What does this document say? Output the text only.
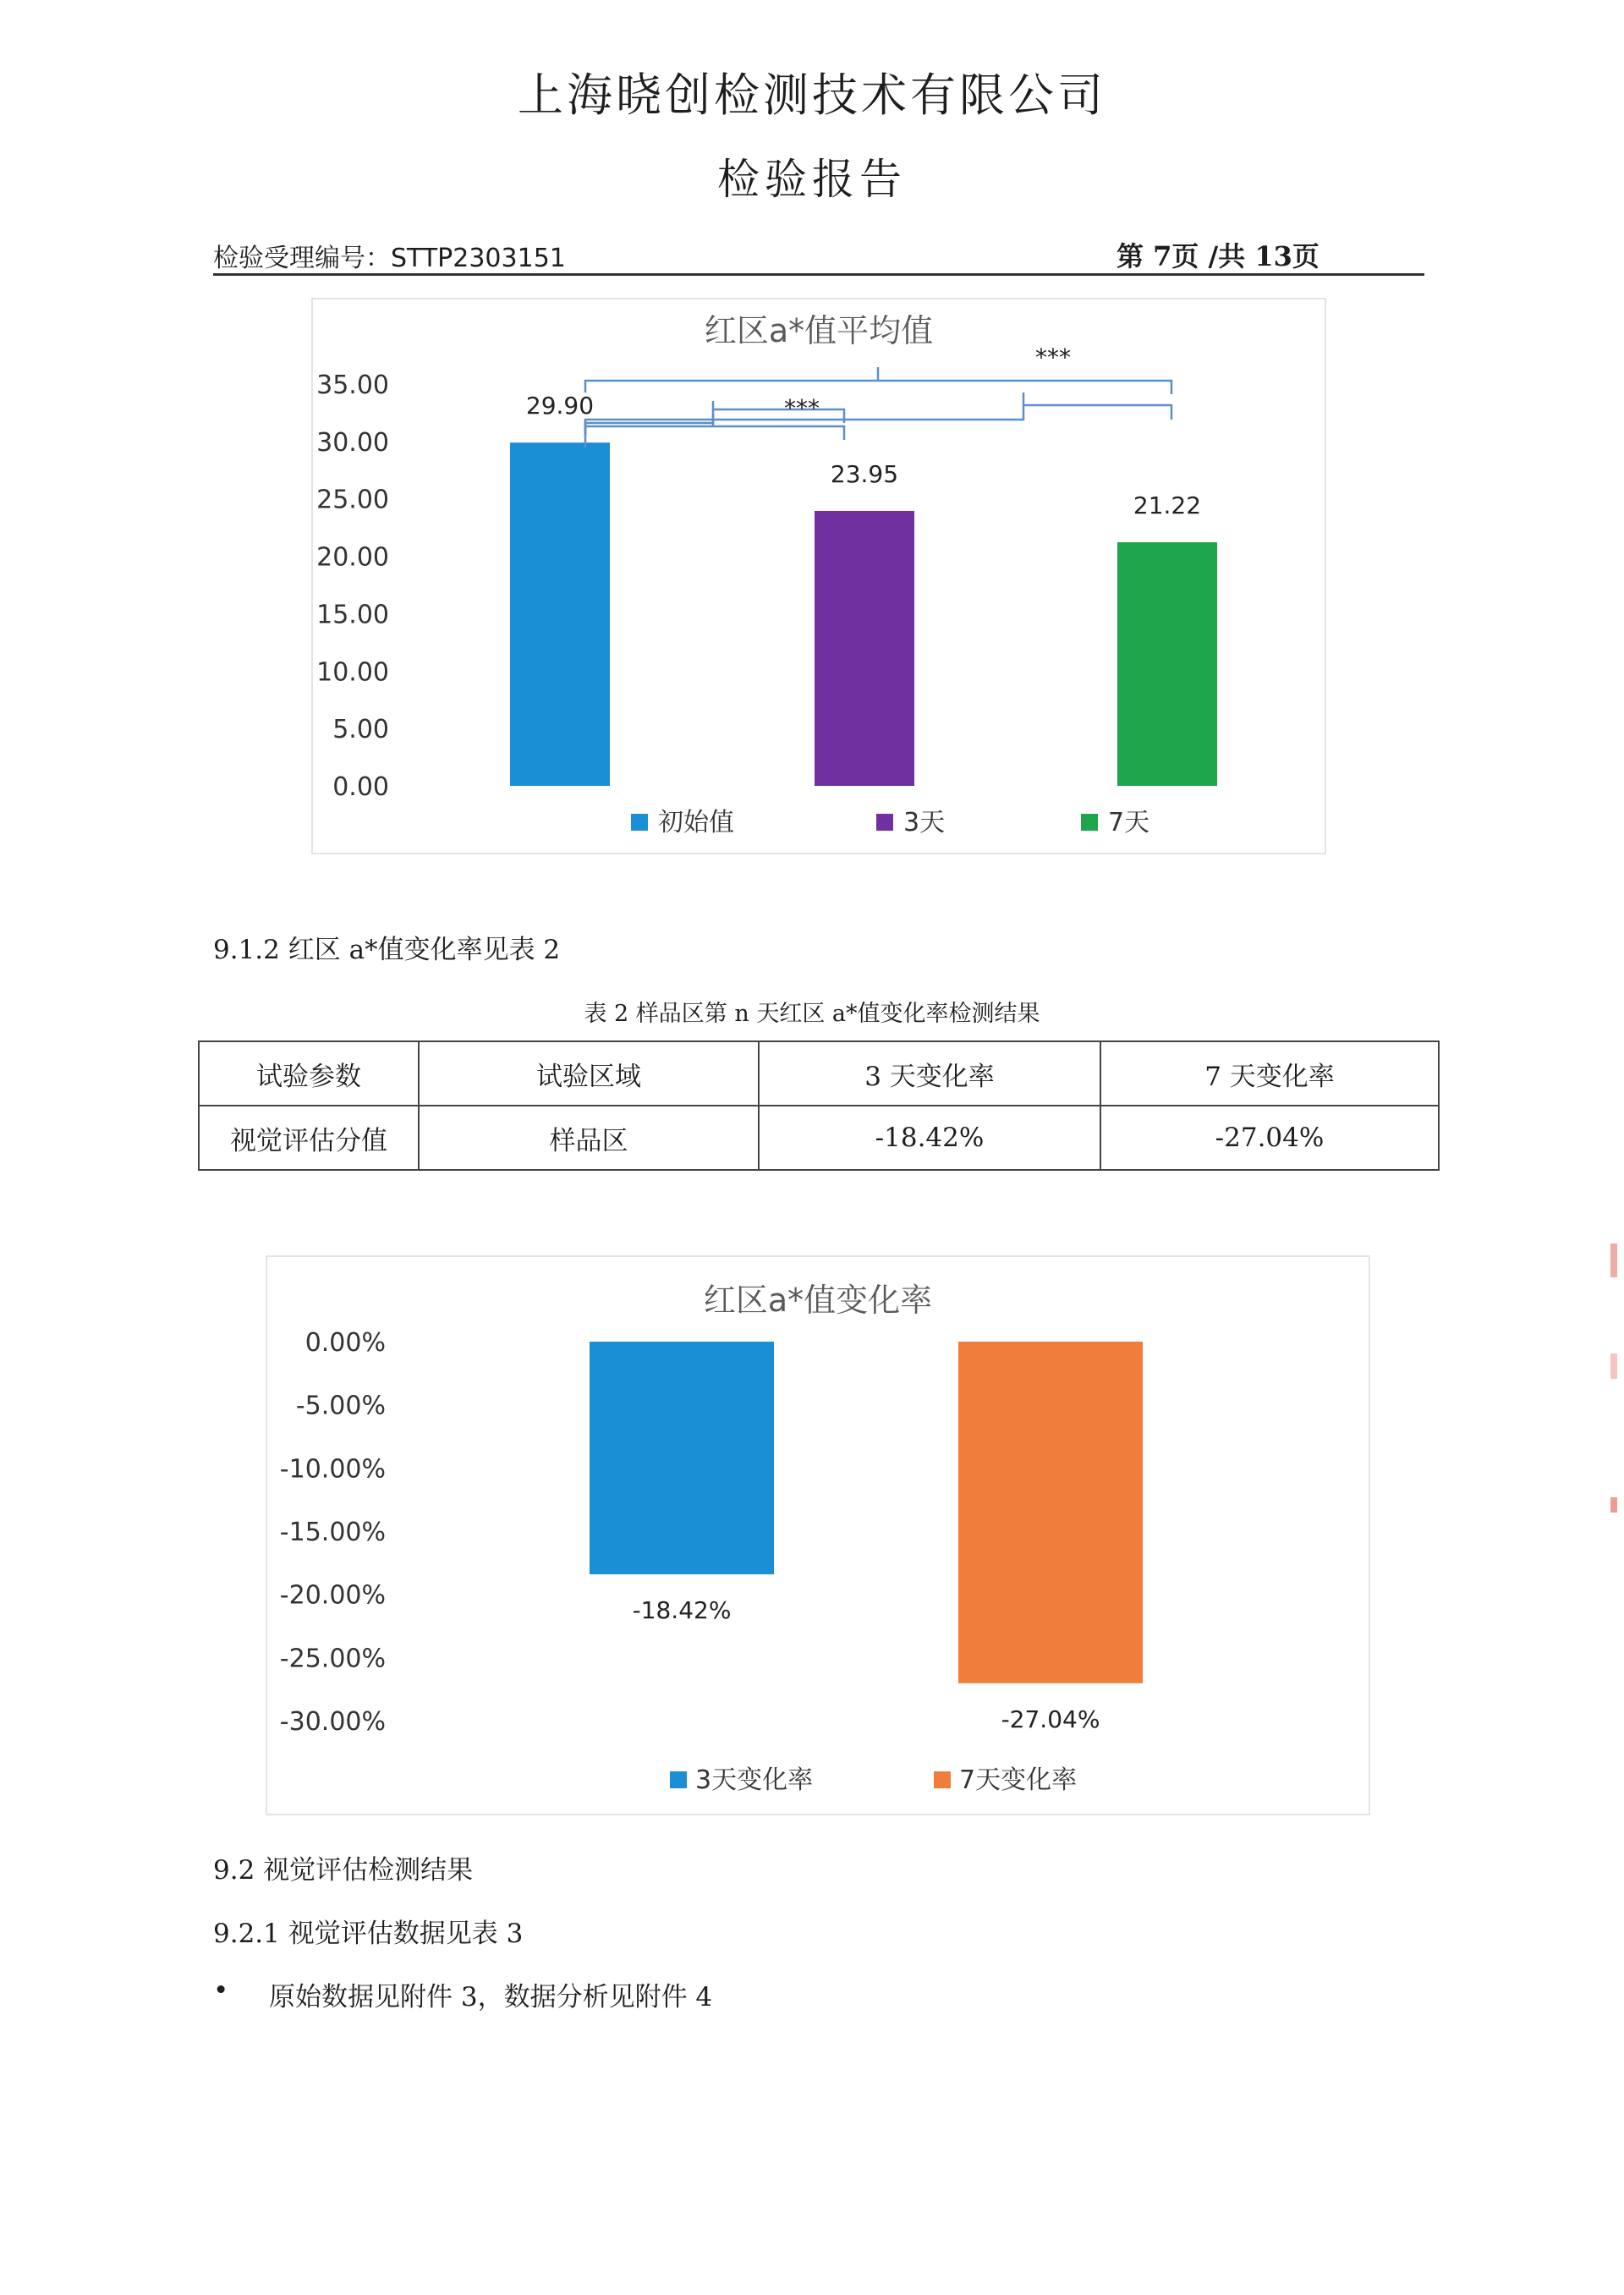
上海晓创检测技术有限公司
检验报告
检验受理编号：STTP2303151	第 7页 /共 13页
红区a*值平均值
35.00
30.00
25.00
20.00
15.00
10.00
5.00
0.00
29.90
23.95
21.22
***
***
初始值	3天	7天
9.1.2 红区 a*值变化率见表 2
表 2 样品区第 n 天红区 a*值变化率检测结果
试验参数	试验区域	3 天变化率	7 天变化率
视觉评估分值	样品区	-18.42%	-27.04%
红区a*值变化率
0.00%
-5.00%
-10.00%
-15.00%
-20.00%
-25.00%
-30.00%
-18.42%
-27.04%
3天变化率	7天变化率
9.2 视觉评估检测结果
9.2.1 视觉评估数据见表 3
• 原始数据见附件 3，数据分析见附件 4
